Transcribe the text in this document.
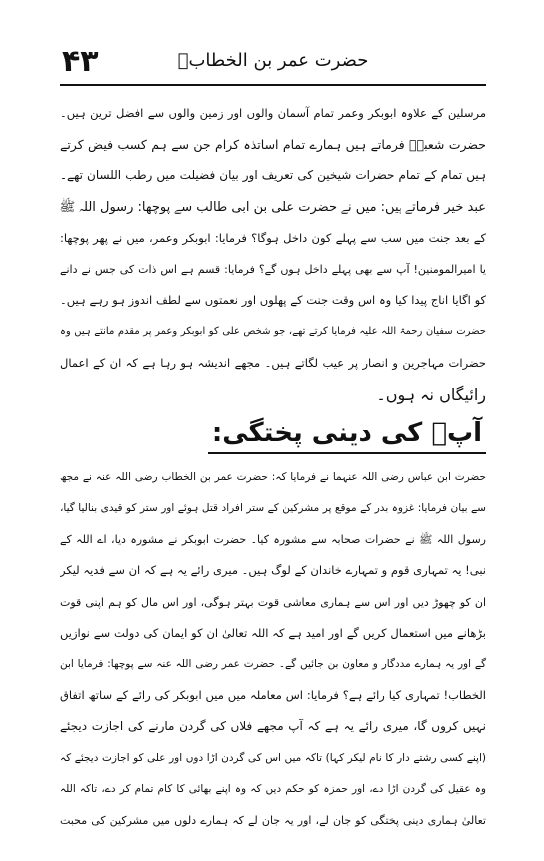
حضرت عمر بن الخطابؓ
۴۳
مرسلین کے علاوہ ابوبکر وعمر تمام آسمان والوں اور زمین والوں سے افضل ترین ہیں۔
حضرت شعبہؒ فرماتے ہیں ہمارے تمام اساتذہ کرام جن سے ہم کسب فیض کرتے
ہیں تمام کے تمام حضرات شیخین کی تعریف اور بیان فضیلت میں رطب اللسان تھے۔
عبد خیر فرماتے ہیں: میں نے حضرت علی بن ابی طالب سے پوچھا: رسول اللہ ﷺ
کے بعد جنت میں سب سے پہلے کون داخل ہوگا؟ فرمایا: ابوبکر وعمر، میں نے پھر پوچھا:
یا امیرالمومنین! آپ سے بھی پہلے داخل ہوں گے؟ فرمایا: قسم ہے اس ذات کی جس نے دانے
کو اگایا اناج پیدا کیا وہ اس وقت جنت کے پھلوں اور نعمتوں سے لطف اندوز ہو رہے ہیں۔
حضرت سفیان رحمۃ اللہ علیہ فرمایا کرتے تھے، جو شخص علی کو ابوبکر وعمر پر مقدم مانتے ہیں وہ
حضرات مہاجرین و انصار پر عیب لگاتے ہیں۔ مجھے اندیشہ ہو رہا ہے کہ ان کے اعمال
رائیگاں نہ ہوں۔
آپؓ کی دینی پختگی:
حضرت ابن عباس رضی اللہ عنہما نے فرمایا کہ: حضرت عمر بن الخطاب رضی اللہ عنہ نے مجھ
سے بیان فرمایا: غزوہ بدر کے موقع پر مشرکین کے ستر افراد قتل ہوئے اور ستر کو قیدی بنالیا گیا،
رسول اللہ ﷺ نے حضرات صحابہ سے مشورہ کیا۔ حضرت ابوبکر نے مشورہ دیا، اے اللہ کے
نبی! یہ تمہاری قوم و تمہارے خاندان کے لوگ ہیں۔ میری رائے یہ ہے کہ ان سے فدیہ لیکر
ان کو چھوڑ دیں اور اس سے ہماری معاشی قوت بہتر ہوگی، اور اس مال کو ہم اپنی قوت
بڑھانے میں استعمال کریں گے اور امید ہے کہ اللہ تعالیٰ ان کو ایمان کی دولت سے نوازیں
گے اور یہ ہمارے مددگار و معاون بن جائیں گے۔ حضرت عمر رضی اللہ عنہ سے پوچھا: فرمایا ابن
الخطاب! تمہاری کیا رائے ہے؟ فرمایا: اس معاملہ میں میں ابوبکر کی رائے کے ساتھ اتفاق
نہیں کروں گا، میری رائے یہ ہے کہ آپ مجھے فلاں کی گردن مارنے کی اجازت دیجئے
(اپنے کسی رشتے دار کا نام لیکر کہا) تاکہ میں اس کی گردن اڑا دوں اور علی کو اجازت دیجئے کہ
وہ عقیل کی گردن اڑا دے، اور حمزہ کو حکم دیں کہ وہ اپنے بھائی کا کام تمام کر دے، تاکہ اللہ
تعالیٰ ہماری دینی پختگی کو جان لے، اور یہ جان لے کہ ہمارے دلوں میں مشرکین کی محبت
